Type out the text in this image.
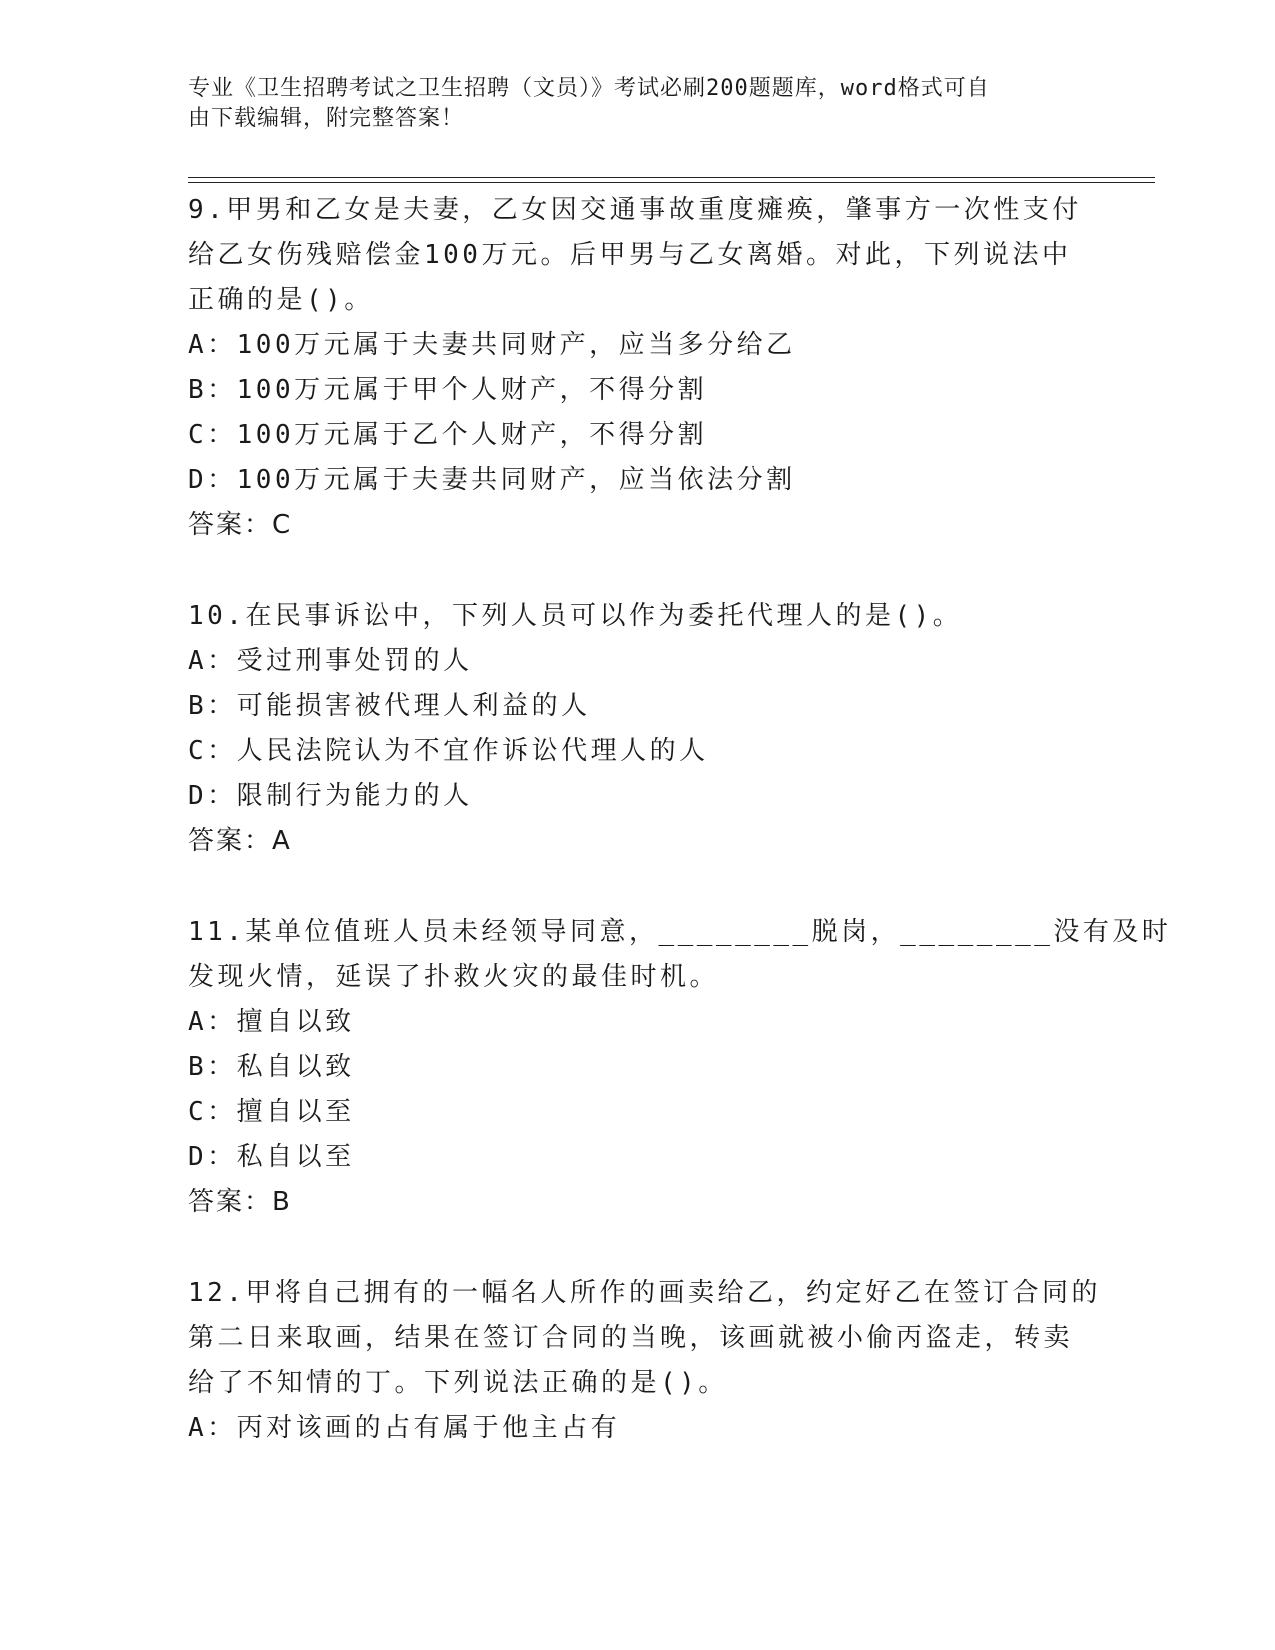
专业《卫生招聘考试之卫生招聘（文员）》考试必刷200题题库，word格式可自
由下载编辑，附完整答案！
9.甲男和乙女是夫妻，乙女因交通事故重度瘫痪，肇事方一次性支付
给乙女伤残赔偿金100万元。后甲男与乙女离婚。对此，下列说法中
正确的是()。
A：100万元属于夫妻共同财产，应当多分给乙
B：100万元属于甲个人财产，不得分割
C：100万元属于乙个人财产，不得分割
D：100万元属于夫妻共同财产，应当依法分割
答案：C
10.在民事诉讼中，下列人员可以作为委托代理人的是()。
A：受过刑事处罚的人
B：可能损害被代理人利益的人
C：人民法院认为不宜作诉讼代理人的人
D：限制行为能力的人
答案：A
11.某单位值班人员未经领导同意，________脱岗，________没有及时
发现火情，延误了扑救火灾的最佳时机。
A：擅自以致
B：私自以致
C：擅自以至
D：私自以至
答案：B
12.甲将自己拥有的一幅名人所作的画卖给乙，约定好乙在签订合同的
第二日来取画，结果在签订合同的当晚，该画就被小偷丙盗走，转卖
给了不知情的丁。下列说法正确的是()。
A：丙对该画的占有属于他主占有
